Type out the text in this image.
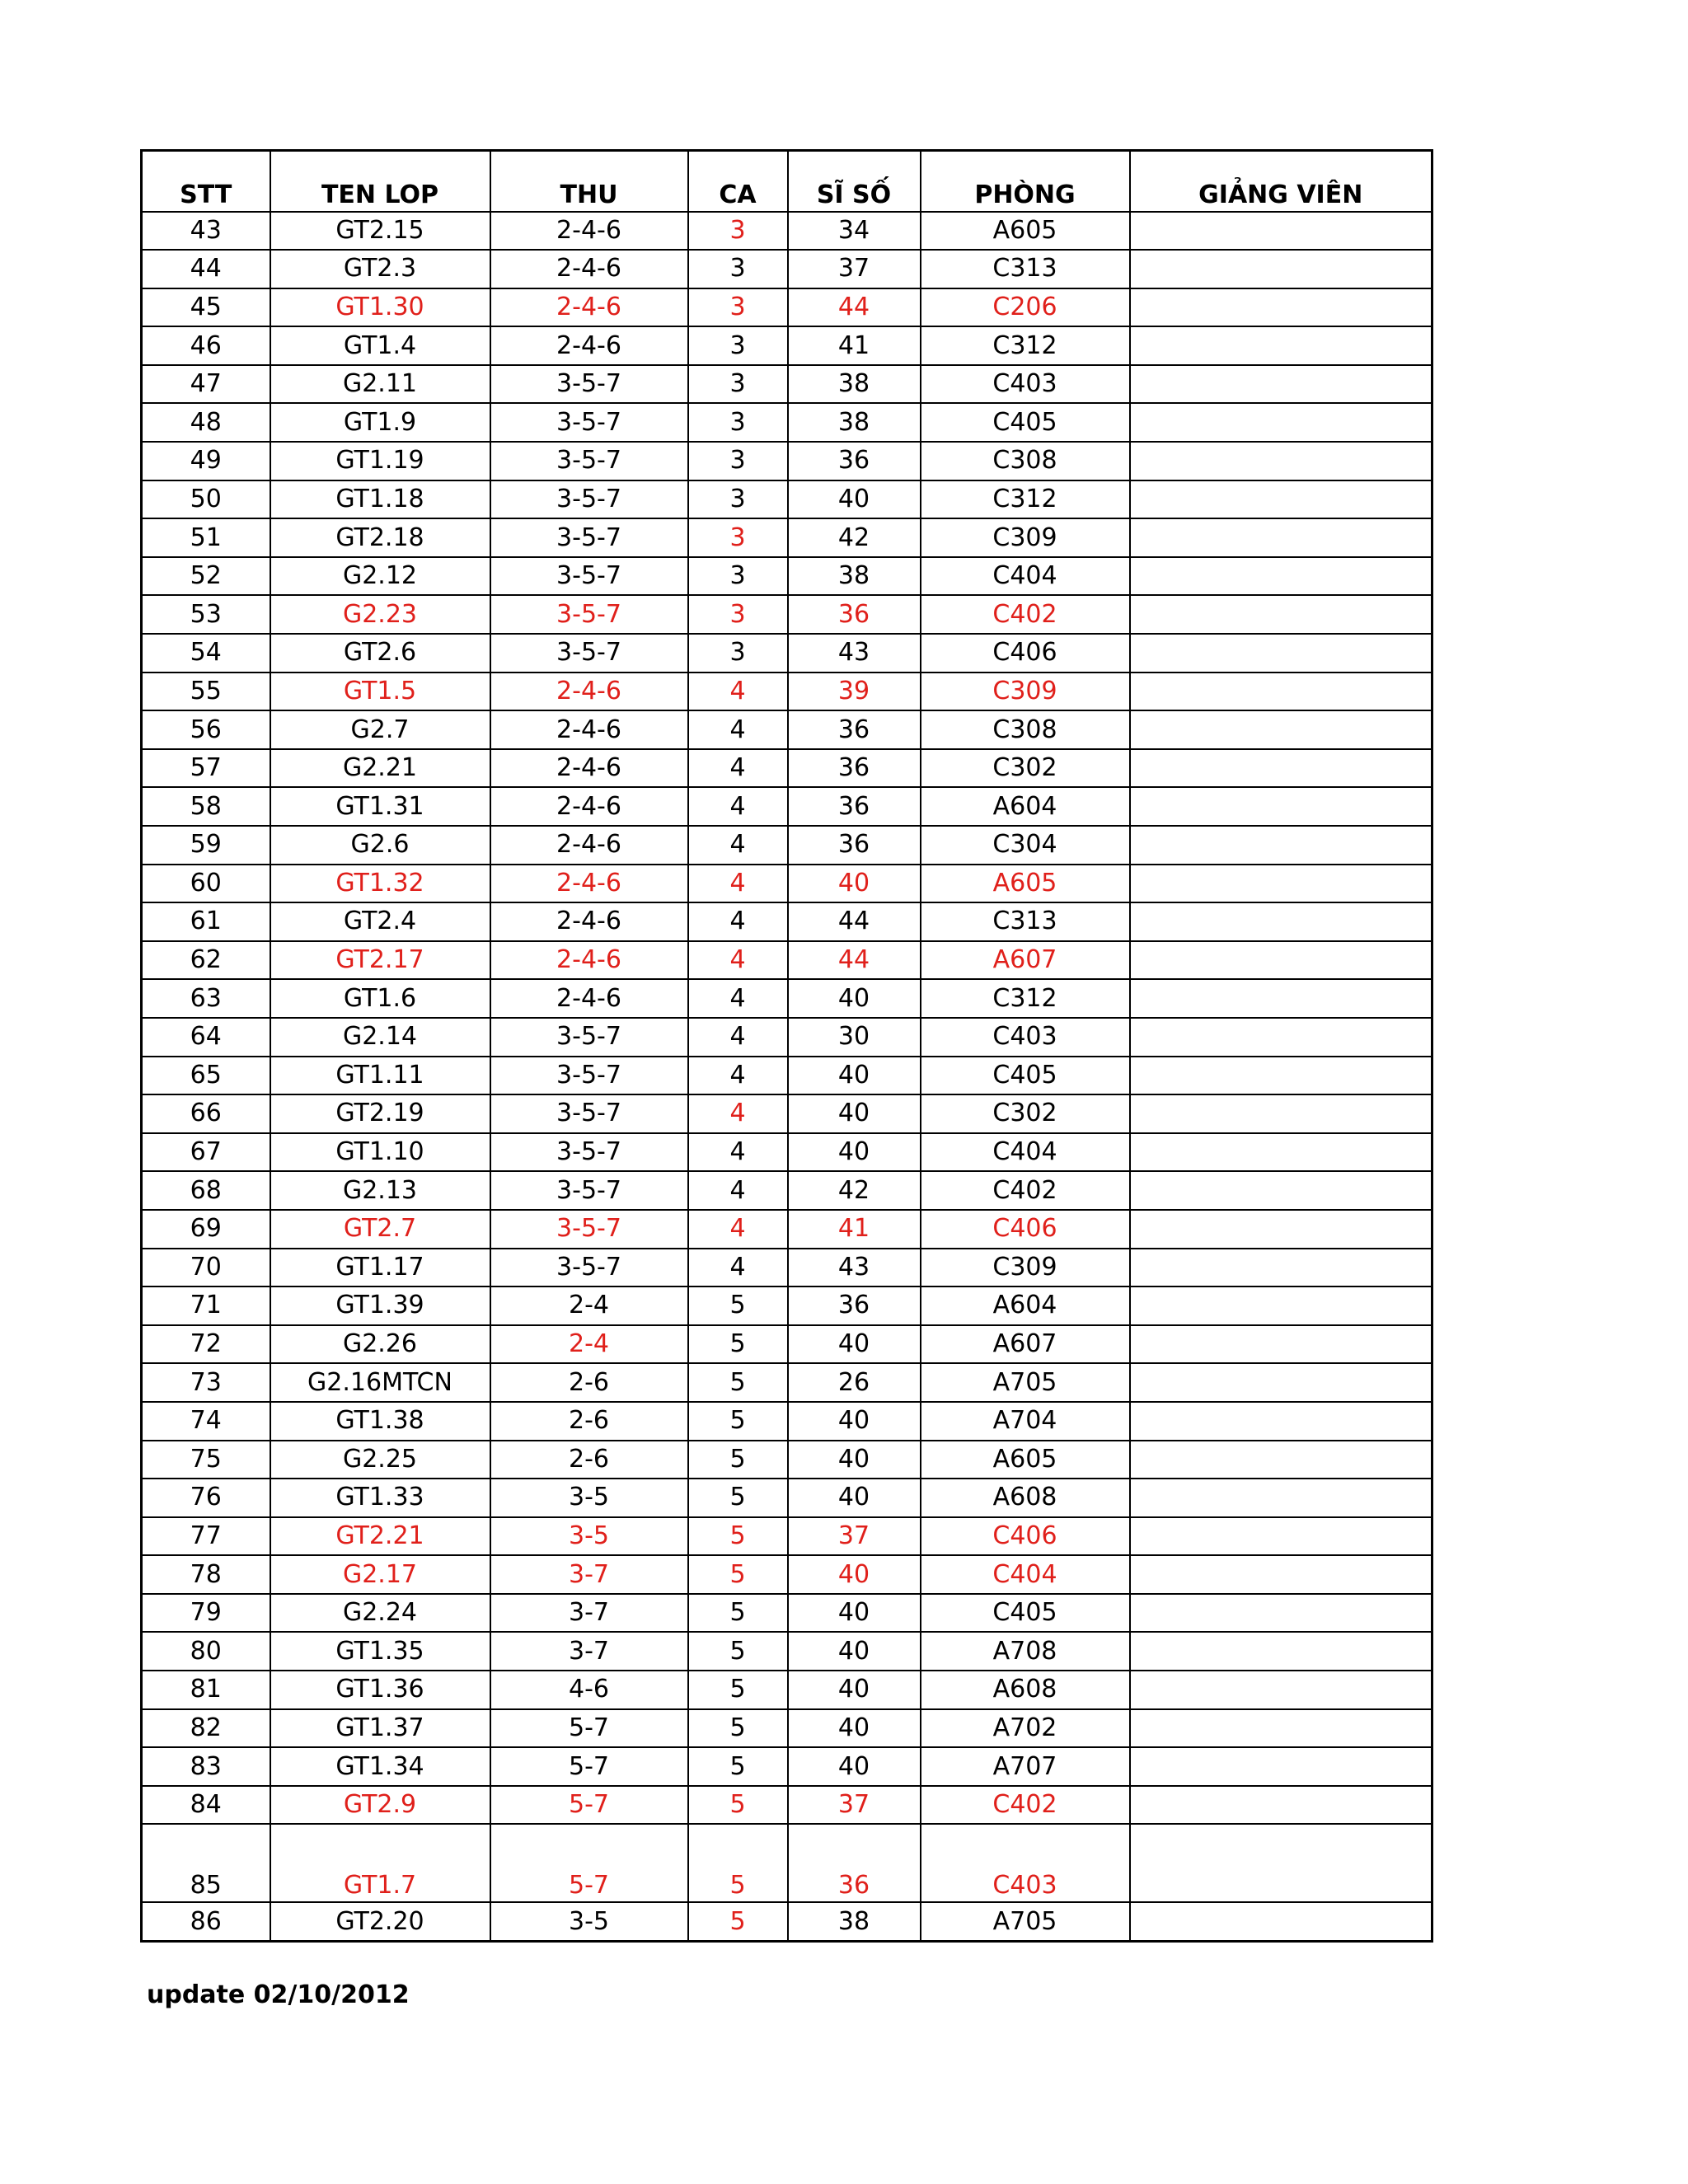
STT	TEN LOP	THU	CA	SĨ SỐ	PHÒNG	GIẢNG VIÊN
43	GT2.15	2-4-6	3	34	A605	
44	GT2.3	2-4-6	3	37	C313	
45	GT1.30	2-4-6	3	44	C206	
46	GT1.4	2-4-6	3	41	C312	
47	G2.11	3-5-7	3	38	C403	
48	GT1.9	3-5-7	3	38	C405	
49	GT1.19	3-5-7	3	36	C308	
50	GT1.18	3-5-7	3	40	C312	
51	GT2.18	3-5-7	3	42	C309	
52	G2.12	3-5-7	3	38	C404	
53	G2.23	3-5-7	3	36	C402	
54	GT2.6	3-5-7	3	43	C406	
55	GT1.5	2-4-6	4	39	C309	
56	G2.7	2-4-6	4	36	C308	
57	G2.21	2-4-6	4	36	C302	
58	GT1.31	2-4-6	4	36	A604	
59	G2.6	2-4-6	4	36	C304	
60	GT1.32	2-4-6	4	40	A605	
61	GT2.4	2-4-6	4	44	C313	
62	GT2.17	2-4-6	4	44	A607	
63	GT1.6	2-4-6	4	40	C312	
64	G2.14	3-5-7	4	30	C403	
65	GT1.11	3-5-7	4	40	C405	
66	GT2.19	3-5-7	4	40	C302	
67	GT1.10	3-5-7	4	40	C404	
68	G2.13	3-5-7	4	42	C402	
69	GT2.7	3-5-7	4	41	C406	
70	GT1.17	3-5-7	4	43	C309	
71	GT1.39	2-4	5	36	A604	
72	G2.26	2-4	5	40	A607	
73	G2.16MTCN	2-6	5	26	A705	
74	GT1.38	2-6	5	40	A704	
75	G2.25	2-6	5	40	A605	
76	GT1.33	3-5	5	40	A608	
77	GT2.21	3-5	5	37	C406	
78	G2.17	3-7	5	40	C404	
79	G2.24	3-7	5	40	C405	
80	GT1.35	3-7	5	40	A708	
81	GT1.36	4-6	5	40	A608	
82	GT1.37	5-7	5	40	A702	
83	GT1.34	5-7	5	40	A707	
84	GT2.9	5-7	5	37	C402	
85	GT1.7	5-7	5	36	C403	
86	GT2.20	3-5	5	38	A705	
update 02/10/2012
